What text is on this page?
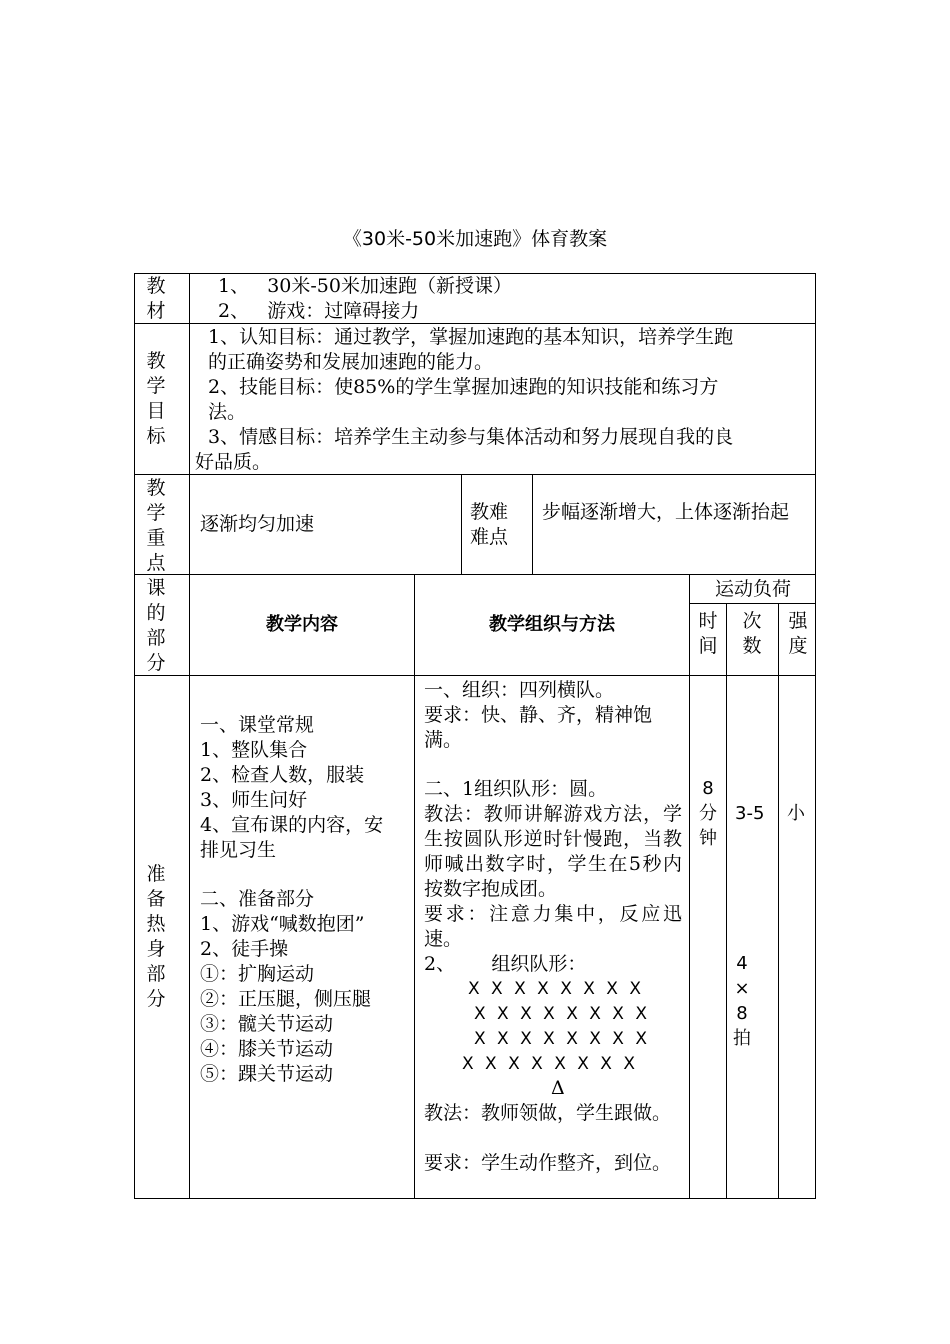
《30米-50米加速跑》体育教案
教材
1、   30米-50米加速跑（新授课）
2、   游戏：过障碍接力
教学目标
1、认知目标：通过教学，掌握加速跑的基本知识，培养学生跑
的正确姿势和发展加速跑的能力。
2、技能目标：使85%的学生掌握加速跑的知识技能和练习方
法。
3、情感目标：培养学生主动参与集体活动和努力展现自我的良
好品质。
教学重点
逐渐均匀加速
教难难点
步幅逐渐增大，上体逐渐抬起
课的部分
教学内容	教学组织与方法
运动负荷
时间
次数
强度
准备热身部分
一、课堂常规
1、整队集合
2、检查人数，服装
3、师生问好
4、宣布课的内容，安
排见习生
二、准备部分
1、游戏“喊数抱团”
2、徒手操
①：扩胸运动
②：正压腿，侧压腿
③：髋关节运动
④：膝关节运动
⑤：踝关节运动
一、组织：四列横队。
要求：快、静、齐，精神饱
满。
二、1组织队形：圆。
教法：教师讲解游戏方法，学生按圆队形逆时针慢跑，当教师喊出数字时，学生在5秒内按数字抱成团。
要求：注意力集中，反应迅速。
2、      组织队形：
X X X X X X X X
X X X X X X X X
X X X X X X X X
X X X X X X X X
Δ
教法：教师领做，学生跟做。
要求：学生动作整齐，到位。
8分钟
3-5
4×8拍
小
